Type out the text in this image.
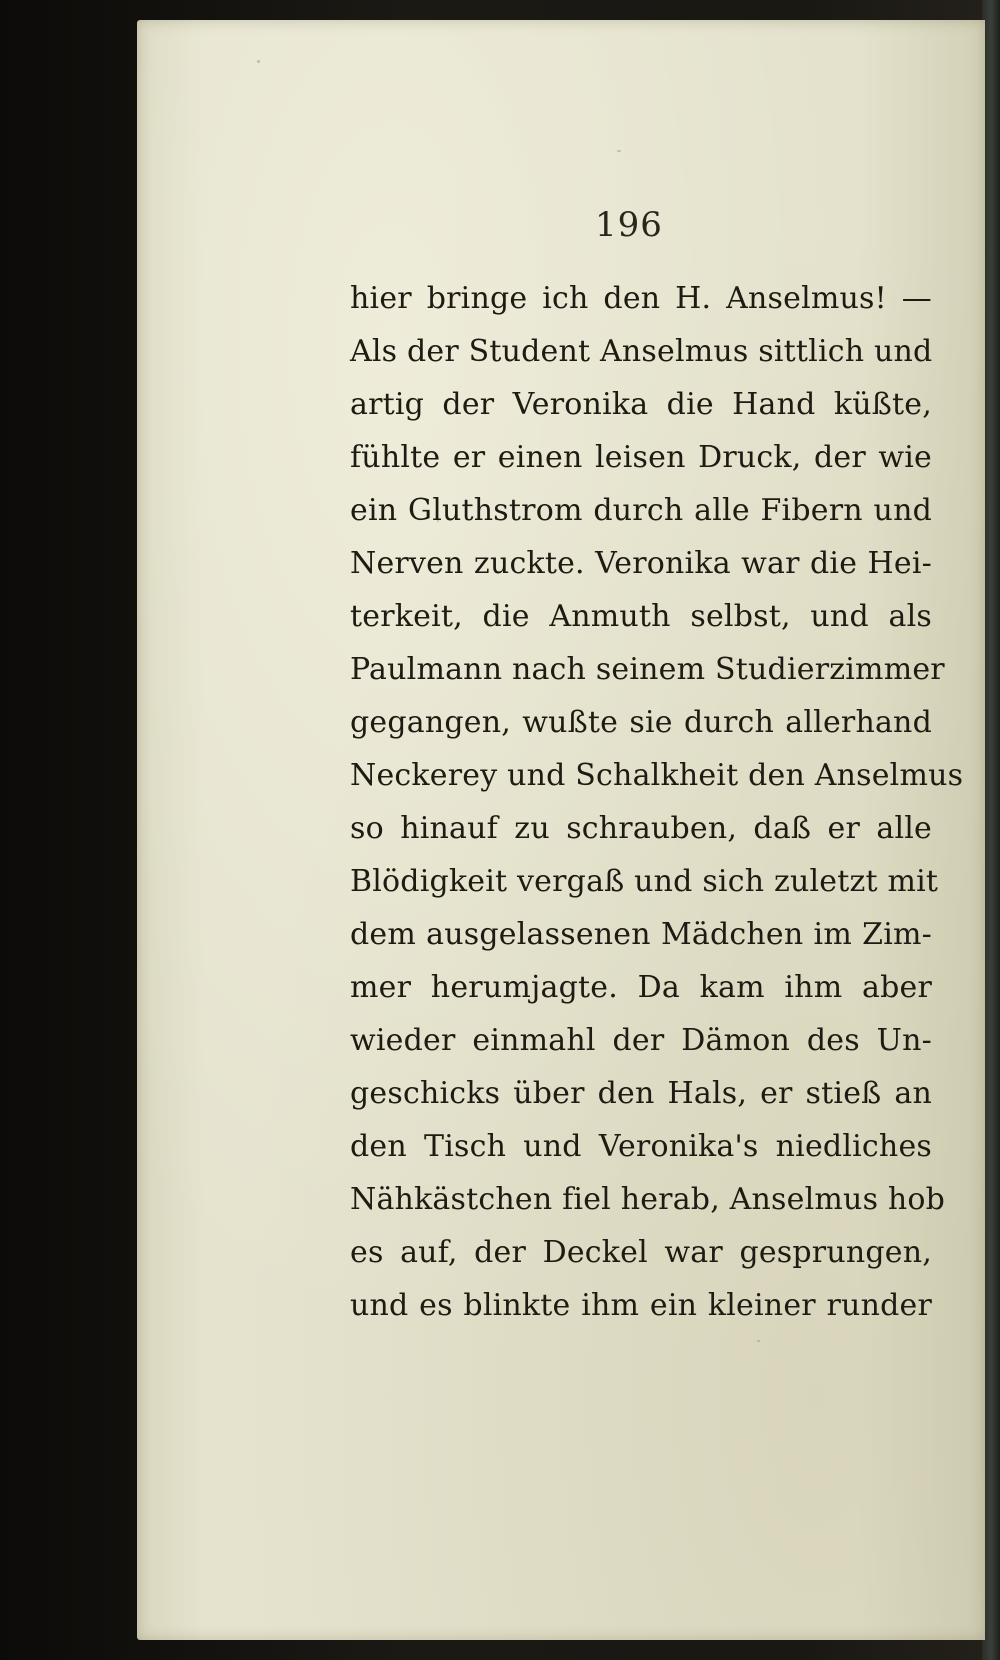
196
hier bringe ich den H. Anselmus! —
Als der Student Anselmus sittlich und
artig der Veronika die Hand küßte,
fühlte er einen leisen Druck, der wie
ein Gluthstrom durch alle Fibern und
Nerven zuckte. Veronika war die Hei-
terkeit, die Anmuth selbst, und als
Paulmann nach seinem Studierzimmer
gegangen, wußte sie durch allerhand
Neckerey und Schalkheit den Anselmus
so hinauf zu schrauben, daß er alle
Blödigkeit vergaß und sich zuletzt mit
dem ausgelassenen Mädchen im Zim-
mer herumjagte. Da kam ihm aber
wieder einmahl der Dämon des Un-
geschicks über den Hals, er stieß an
den Tisch und Veronika's niedliches
Nähkästchen fiel herab, Anselmus hob
es auf, der Deckel war gesprungen,
und es blinkte ihm ein kleiner runder
